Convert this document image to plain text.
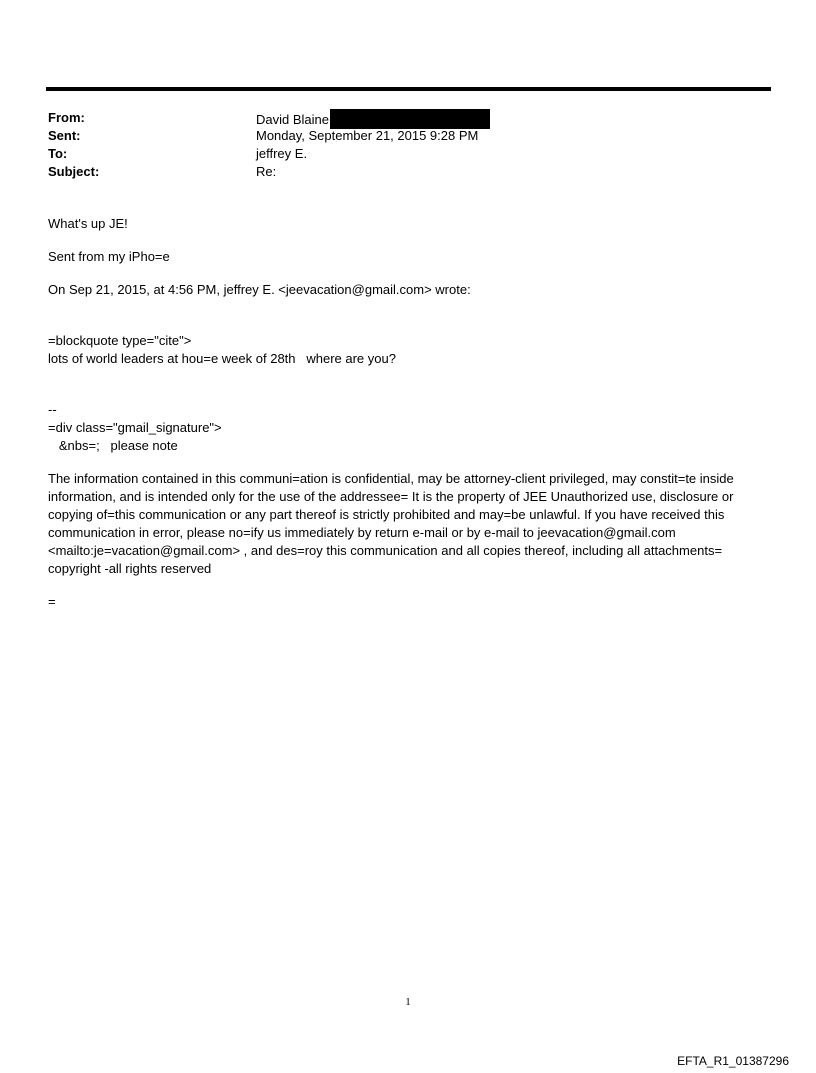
From:	David Blaine
Sent:	Monday, September 21, 2015 9:28 PM
To:	jeffrey E.
Subject:	Re:

What's up JE!

Sent from my iPho=e

On Sep 21, 2015, at 4:56 PM, jeffrey E. <jeevacation@gmail.com> wrote:

=blockquote type="cite">

lots of world leaders at hou=e week of 28th   where are you?

--

=div class="gmail_signature">

&nbs=;   please note

The information contained in this communi=ation is confidential, may be attorney-client privileged, may constit=te inside information, and is intended only for the use of the addressee= It is the property of JEE Unauthorized use, disclosure or copying of=this communication or any part thereof is strictly prohibited and may=be unlawful. If you have received this communication in error, please no=ify us immediately by return e-mail or by e-mail to jeevacation@gmail.com <mailto:je=vacation@gmail.com> , and des=roy this communication and all copies thereof, including all attachments= copyright -all rights reserved

=

1
EFTA_R1_01387296
